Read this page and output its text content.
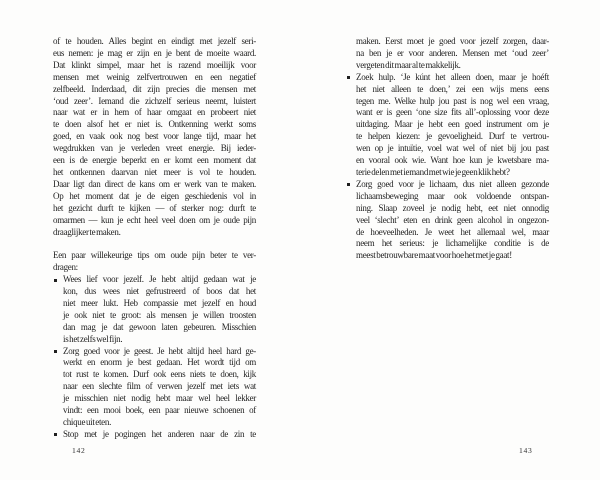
of te houden. Alles begint en eindigt met jezelf seri-
eus nemen: je mag er zijn en je bent de moeite waard.
Dat klinkt simpel, maar het is razend moeilijk voor
mensen met weinig zelfvertrouwen en een negatief
zelfbeeld. Inderdaad, dit zijn precies die mensen met
‘oud zeer’. Iemand die zichzelf serieus neemt, luistert
naar wat er in hem of haar omgaat en probeert niet
te doen alsof het er niet is. Ontkenning werkt soms
goed, en vaak ook nog best voor lange tijd, maar het
wegdrukken van je verleden vreet energie. Bij ieder-
een is de energie beperkt en er komt een moment dat
het ontkennen daarvan niet meer is vol te houden.
Daar ligt dan direct de kans om er werk van te maken.
Op het moment dat je de eigen geschiedenis vol in
het gezicht durft te kijken — of sterker nog: durft te
omarmen — kun je echt heel veel doen om je oude pijn
draaglijker te maken.
Een paar willekeurige tips om oude pijn beter te ver-
dragen:
Wees lief voor jezelf. Je hebt altijd gedaan wat je
kon, dus wees niet gefrustreerd of boos dat het
niet meer lukt. Heb compassie met jezelf en houd
je ook niet te groot: als mensen je willen troosten
dan mag je dat gewoon laten gebeuren. Misschien
is het zelfs wel fijn.
Zorg goed voor je geest. Je hebt altijd heel hard ge-
werkt en enorm je best gedaan. Het wordt tijd om
tot rust te komen. Durf ook eens niets te doen, kijk
naar een slechte film of verwen jezelf met iets wat
je misschien niet nodig hebt maar wel heel lekker
vindt: een mooi boek, een paar nieuwe schoenen of
chique uit eten.
Stop met je pogingen het anderen naar de zin te
142
maken. Eerst moet je goed voor jezelf zorgen, daar-
na ben je er voor anderen. Mensen met ‘oud zeer’
vergeten dit maar al te makkelijk.
Zoek hulp. ‘Je kúnt het alleen doen, maar je hoéft
het niet alleen te doen,’ zei een wijs mens eens
tegen me. Welke hulp jou past is nog wel een vraag,
want er is geen ‘one size fits all’-oplossing voor deze
uitdaging. Maar je hebt een goed instrument om je
te helpen kiezen: je gevoeligheid. Durf te vertrou-
wen op je intuïtie, voel wat wel of niet bij jou past
en vooral ook wie. Want hoe kun je kwetsbare ma-
terie delen met iemand met wie je geen klik hebt?
Zorg goed voor je lichaam, dus niet alleen gezonde
lichaamsbeweging maar ook voldoende ontspan-
ning. Slaap zoveel je nodig hebt, eet niet onnodig
veel ‘slecht’ eten en drink geen alcohol in ongezon-
de hoeveelheden. Je weet het allemaal wel, maar
neem het serieus: je lichamelijke conditie is de
meest betrouwbare maat voor hoe het met je gaat!
143
